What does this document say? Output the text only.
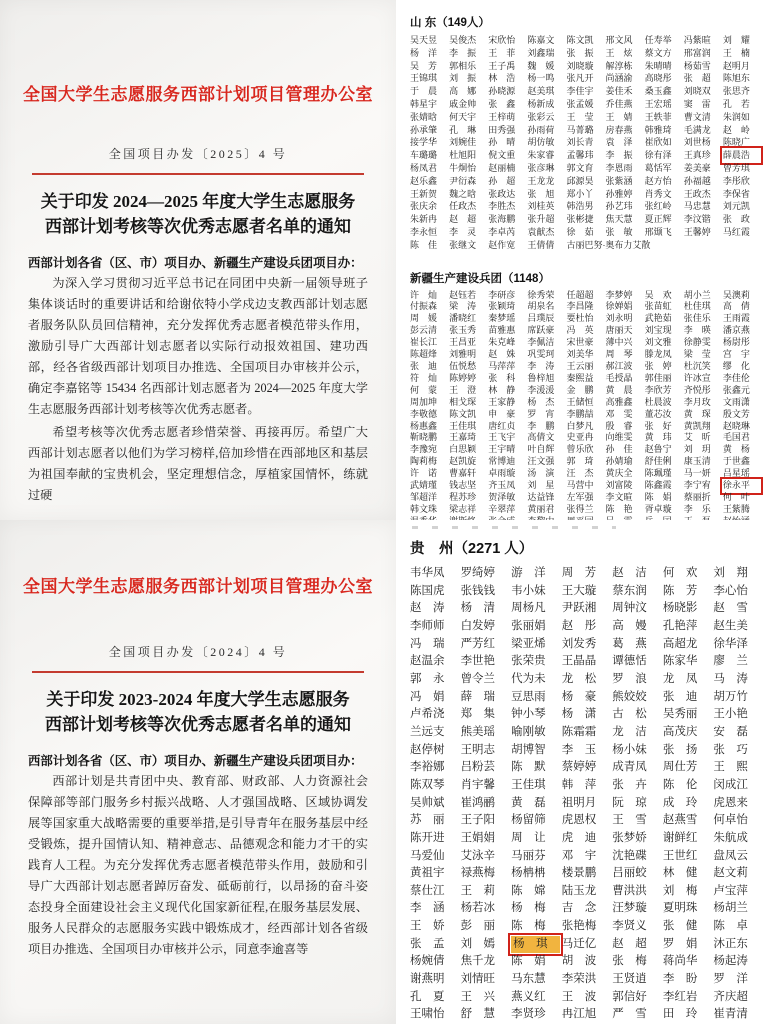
全国大学生志愿服务西部计划项目管理办公室
全国项目办发〔2025〕4 号
关于印发 2024—2025 年度大学生志愿服务
西部计划考核等次优秀志愿者名单的通知
西部计划各省（区、市）项目办、新疆生产建设兵团项目办：

为深入学习贯彻习近平总书记在同团中央新一届领导班子集体谈话时的重要讲话和给谢依特小学戍边支教西部计划志愿者服务队队员回信精神，充分发挥优秀志愿者模范带头作用，激励引导广大西部计划志愿者以实际行动报效祖国、建功西部，经各省级西部计划项目办推选、全国项目办审核并公示，确定李嘉铭等 15434 名西部计划志愿者为 2024—2025 年度大学生志愿服务西部计划考核等次优秀志愿者。

希望考核等次优秀志愿者珍惜荣誉、再接再厉。希望广大西部计划志愿者以他们为学习榜样,倍加珍惜在西部地区和基层为祖国奉献的宝贵机会，坚定理想信念，厚植家国情怀，练就过硬

全国大学生志愿服务西部计划项目管理办公室
全国项目办发〔2024〕4 号
关于印发 2023-2024 年度大学生志愿服务
西部计划考核等次优秀志愿者名单的通知
西部计划各省（区、市）项目办、新疆生产建设兵团项目办：

西部计划是共青团中央、教育部、财政部、人力资源社会保障部等部门服务乡村振兴战略、人才强国战略、区域协调发展等国家重大战略需要的重要举措,是引导青年在服务基层中经受锻炼，提升国情认知、精神意志、品德观念和能力才干的实践育人工程。为充分发挥优秀志愿者模范带头作用，鼓励和引导广大西部计划志愿者踔厉奋发、砥砺前行，以昂扬的奋斗姿态投身全面建设社会主义现代化国家新征程,在服务基层发展、服务人民群众的志愿服务实践中锻炼成才，经西部计划各省级项目办推选、全国项目办审核并公示，同意李逾喜等

山 东（149人）
吴天昱	吴俊杰	宋欣怡	陈嘉文	陈文凯	邢文风	任寿举	冯紫暄	刘 耀
杨 洋	李 振	王 菲	刘鑫瑞	张 振	王 炫	蔡文方	邢富润	王 楠
吴 芳	郭相乐	王子禹	魏 媛	刘晓璇	解淳栋	朱晴晴	杨茹雪	赵明月
王锦琪	刘 振	林 浩	杨一鸣	张凡开	尚涵渝	高晓彤	张 超	陈旭东
于 晨	高 娜	孙晓源	赵美琪	李佳宇	姜佳禾	桑玉鑫	刘晓双	张思齐
韩星宇	戚金帅	张 鑫	杨新成	张孟媛	乔佳燕	王宏瑶	窦 雷	孔 若
张婧晗	何天宇	王梓萌	张彩云	王 莹	王 婧	王轶菲	曹文清	朱润如
孙承肇	孔 琳	田秀强	孙雨荷	马菁璐	房春燕	韩雅琦	毛满龙	赵 岭
接学华	刘婉佳	孙 晴	胡仿敏	刘长青	袁 泽	崔欣如	刘世杨	陈晓广
车璐璐	杜旭阳	倪文重	朱家睿	孟馨玮	李 振	徐有泽	王真珍	薛晨浩
杨凤君	牛烔怡	赵丽楠	张彦琳	郭文育	李恩雨	葛恬军	姜美豪	曾芳琪
赵乐鑫	尹衍森	孙 超	王龙龙	邱源昊	张紫涵	赵方怡	孙福越	李彤欣
王新贺	魏之晗	张政达	张 旭	郑小丫	孙雅婷	肖秀文	王政杰	李保省
张庆余	任政杰	李胜杰	刘桂英	韩浩男	孙艺玮	张红岭	马忠慧	刘元凯
朱新冉	赵 超	张海鹏	张升超	张彬捷	焦天慧	夏正辉	李汶锴	张 政
李永恒	李 灵	李卓芮	袁献杰	徐 茹	张 敏	邢颋飞	王馨婷	马红霞
陈 佳	张继文	赵作宽	王倩倩	古丽巴努·奥布力艾散
新疆生产建设兵团（1148）
许 灿	赵钰若	李研彦	徐秀荣	任超超	李梦婷	吴 欢	胡小兰	吴澳莉
付振森	梁 涛	张颖琦	胡泉名	李昌隆	徐婵娟	张苗虹	杜佳琪	高 倩
周 媛	潘晓红	秦梦瑶	吕璞辰	要杜怡	刘永明	武艳茹	张佳乐	王雨霞
彭云清	张玉秀	苗雅惠	席跃豪	冯 英	唐丽天	刘宝现	李 暎	潘京燕
崔长江	王昌亚	朱克峰	李佩洁	宋世豪	薄中兴	刘文雅	徐静雯	杨尉彤
陈超烽	刘雅明	赵 姝	巩雯珂	刘美华	周 琴	滕龙凤	梁 莹	宫 宇
张 迪	伍悦愁	马萍萍	李 涛	王云丽	郝江波	张 婷	杜沉笑	缪 化
符 灿	陈婷婷	张 科	鲁梓旭	秦熙益	毛授晶	郭佳丽	许冰宣	李佳伦
何 蒙	王 澄	林 静	李湲湲	金 鹏	黄 晨	李欣芳	齐悦彤	张鑫元
周加坤	相戈琛	王家静	杨 杰	王储恒	高雅鑫	杜晨波	李月玫	文雨潇
李敬德	陈文凯	申 豪	罗 宵	李鹏喆	邓 雯	董芯汝	黄 琛	殷文芳
杨惠鑫	王佳琪	唐红贞	李 鹏	白梦凡	殷 睿	张 好	黄凯翔	赵晓琳
靳晓鹏	王嘉琦	王飞宇	高倩文	史亚冉	向维雯	黄 玮	艾 昕	毛国君
李豫宛	白思颖	王宇晴	叶自辉	曾乐欣	孙 佳	赵鲁宁	刘 玥	黄 杨
陶莉梅	赵凯旋	常博迪	汪文强	郭 琦	孙婧瑜	舒佳俐	康玉清	于世鑫
许 诺	曹嘉轩	卓雨璇	汤 演	汪 杰	黄庆全	陈珮瑾	马一妍	吕星瑶
武婧瑾	钱志坚	齐玉凤	刘 星	马营中	刘富陵	陈鑫霞	李宁宥	徐永平
邹超洋	程苏珍	贺泽敏	达益锋	左军强	李文暄	陈 娟	蔡丽折	何 叶
韩文珠	梁志祥	辛翠萍	黄丽君	张得兰	陈 艳	胥卓璇	李 乐	王紫腾
贵　州（2271 人）
韦华凤	罗绮婷	游 洋	周 芳	赵 洁	何 欢	刘 翔
陈国虎	张钱钱	韦小妹	王大璇	蔡东润	陈 芳	李心怡
赵 涛	杨 清	周杨凡	尹跃湘	周钟汶	杨晓影	赵 雪
李师师	白发婷	张丽娟	赵 彤	高 嫚	孔艳萍	赵生美
冯 瑞	严芳红	梁亚烯	刘发秀	葛 燕	高超龙	徐华泽
赵温余	李世艳	张荣贵	王晶晶	谭德恬	陈家华	廖 兰
郭 永	曾令兰	代为未	龙 松	罗 浪	龙 凤	马 涛
冯 娟	薛 瑞	豆思雨	杨 豪	熊姣姣	张 迪	胡万竹
卢希浇	郑 集	钟小琴	杨 潇	古 松	吴秀丽	王小艳
兰远支	熊美瑶	喻刚敏	陈霜霜	龙 洁	高茂庆	安 磊
赵停树	王明志	胡博智	李 玉	杨小妹	张 扬	张 巧
李裕娜	吕粉芸	陈 默	蔡婷婷	成青凤	周仕芳	王 熙
陈双琴	肖宇馨	王佳琪	韩 萍	张 卉	陈 伦	闵成江
吴帅斌	崔鸿鹂	黄 磊	祖明月	阮 琼	成 玲	虎恩来
苏 丽	王子阳	杨留筛	虎恩权	王 雪	赵燕雪	何卓怡
陈开进	王娟娟	周 让	虎 迪	张梦娇	谢鲜红	朱航成
马爱仙	艾泳辛	马丽芬	邓 宇	沈艳碟	王世红	盘凤云
黄祖宇	禄燕梅	杨柟柟	楼景鹏	吕丽蛟	林 健	赵文莉
蔡仕江	王 莉	陈 嫦	陆玉龙	曹洪洪	刘 梅	卢宝萍
李 涵	杨若冰	杨 梅	吉 念	汪梦璇	夏明珠	杨胡兰
王 娇	彭 丽	陈 梅	张艳梅	李贤义	张 健	陈 卓
张 孟	刘 嫣	杨 琪	马迁亿	赵 超	罗 娟	沐正东
杨婉倩	焦千龙	陈 娟	胡 波	张 梅	蒋尚华	杨起涛
谢燕明	刘情旺	马东慧	李荣洪	王贤逍	李 盼	罗 洋
孔 夏	王 兴	燕义红	王 波	郭信好	李红岩	齐庆超
王啸怡	舒 慧	李贤珍	冉江旭	严 雪	田 玲	崔青清
